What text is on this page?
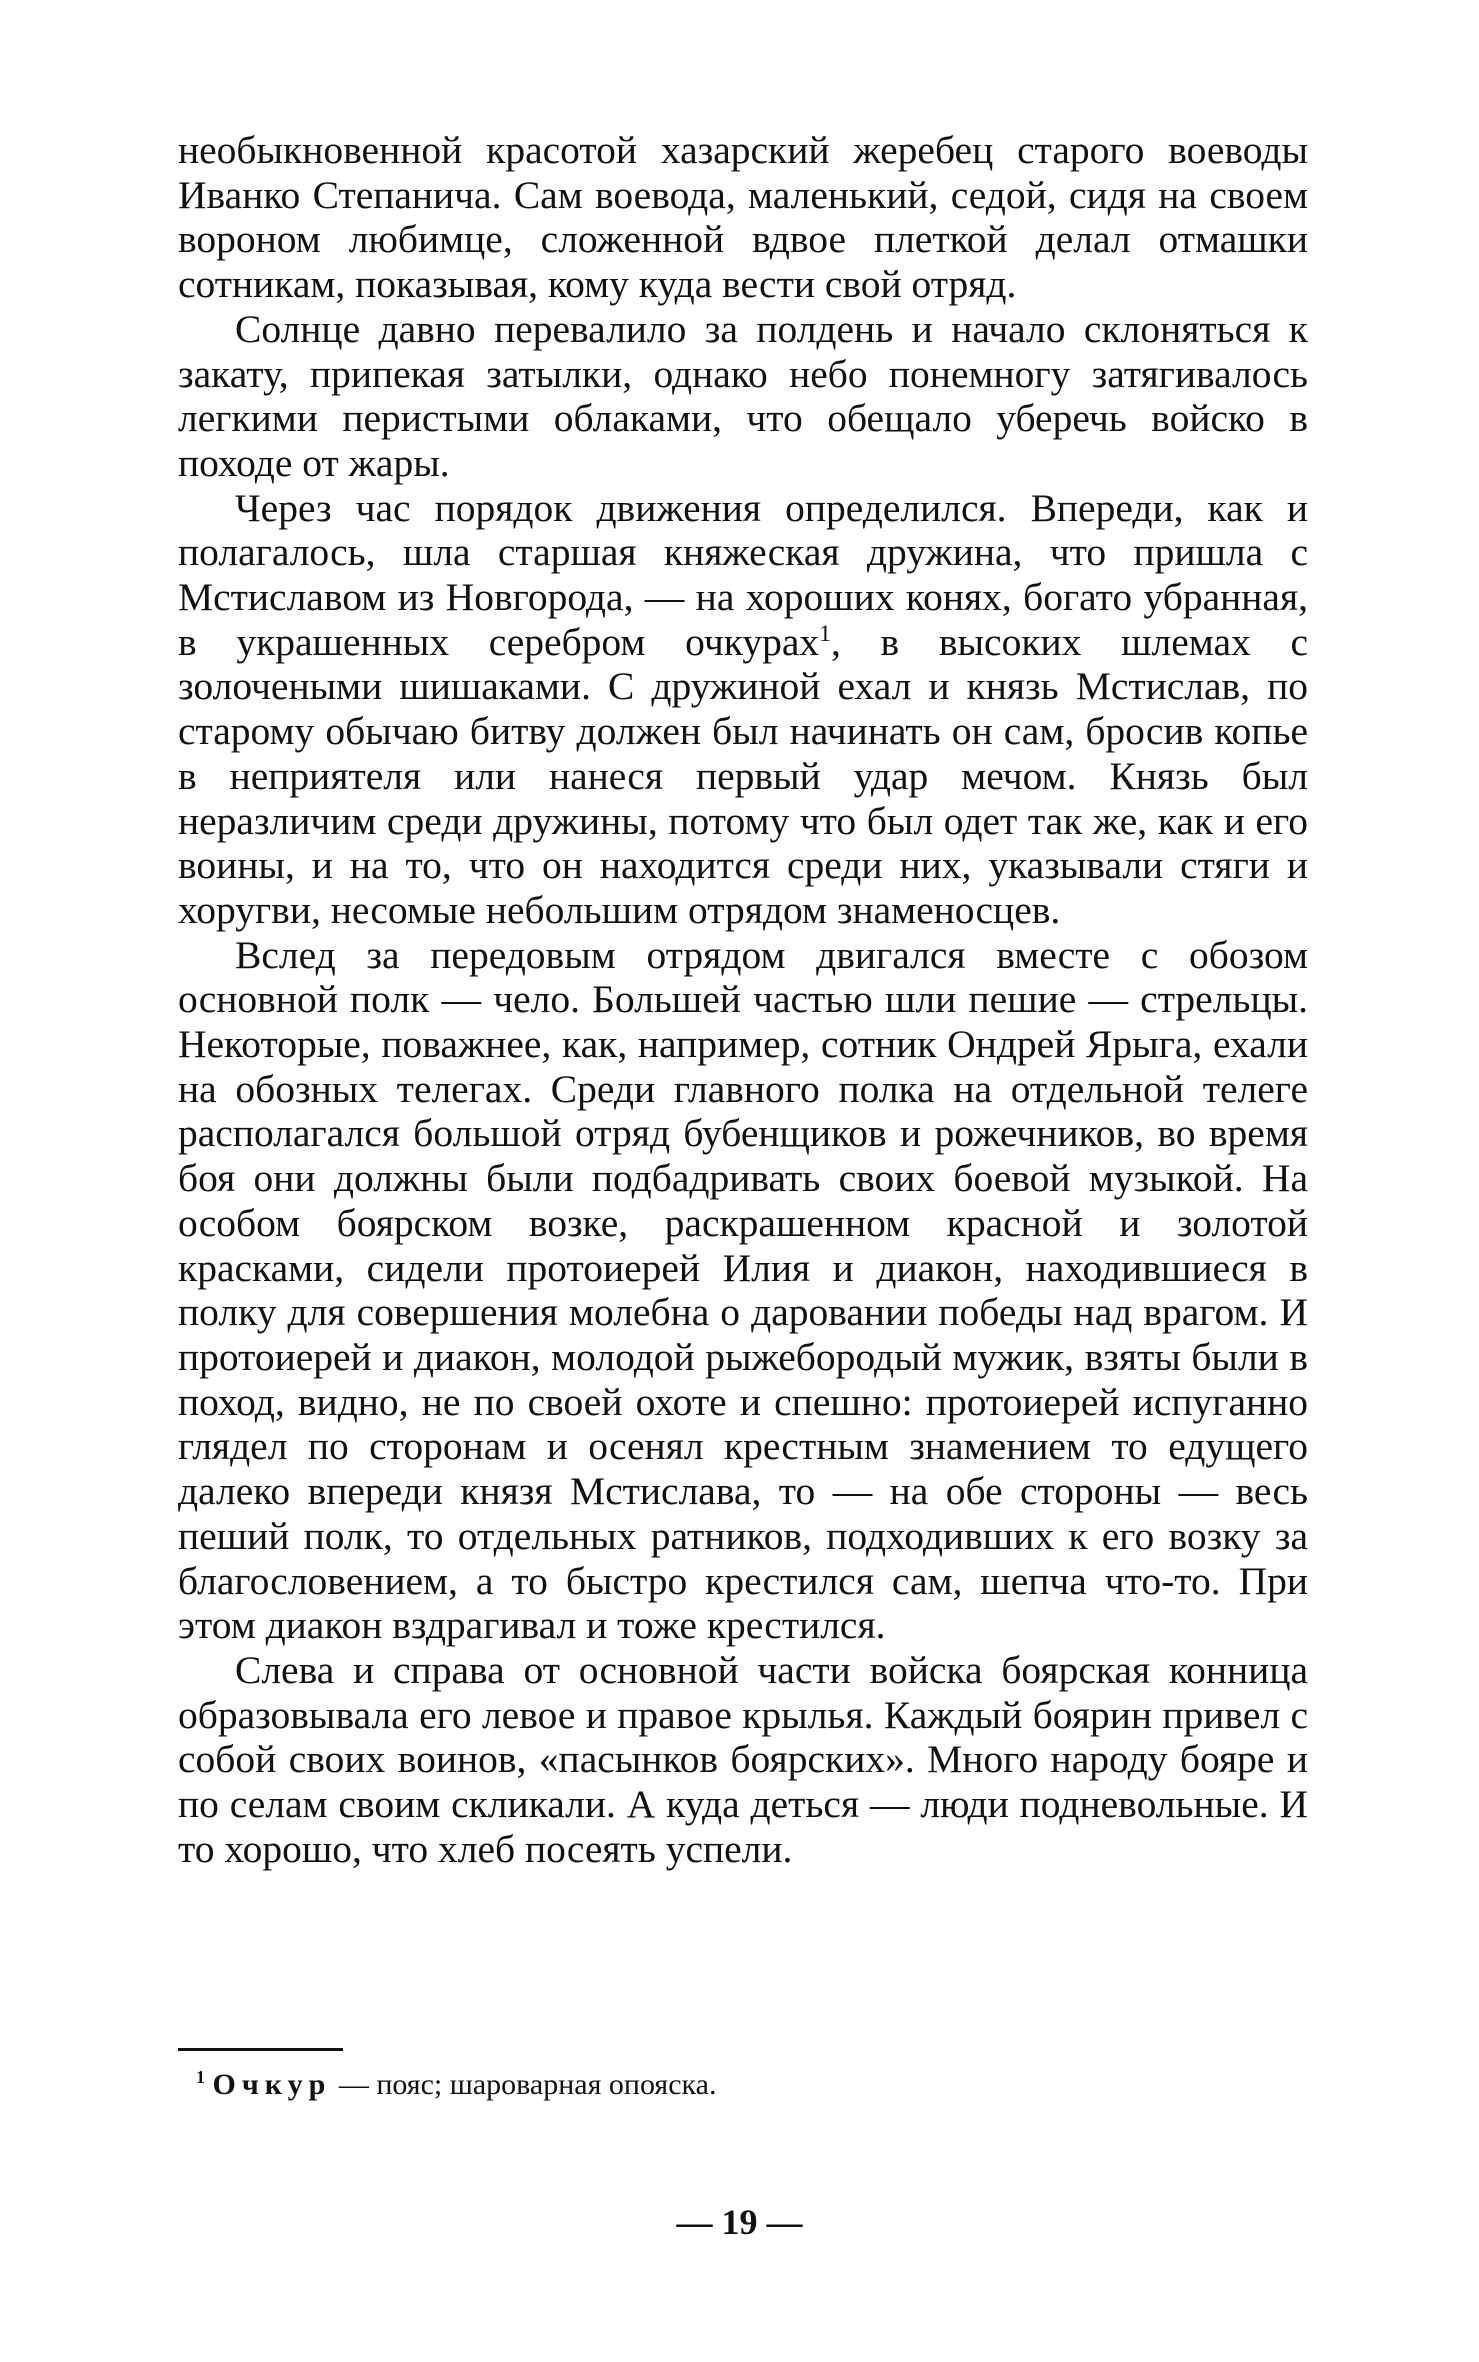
необыкновенной красотой хазарский жеребец старого воеводы Иванко Степанича. Сам воевода, маленький, седой, сидя на своем вороном любимце, сложенной вдвое плеткой делал отмашки сотникам, показывая, кому куда вести свой отряд.

Солнце давно перевалило за полдень и начало склоняться к закату, припекая затылки, однако небо понемногу затягивалось легкими перистыми облаками, что обещало уберечь войско в походе от жары.

Через час порядок движения определился. Впереди, как и полагалось, шла старшая княжеская дружина, что пришла с Мстиславом из Новгорода, — на хороших конях, богато убранная, в украшенных серебром очкурах$^1$, в высоких шлемах с золочеными шишаками. С дружиной ехал и князь Мстислав, по старому обычаю битву должен был начинать он сам, бросив копье в неприятеля или нанеся первый удар мечом. Князь был неразличим среди дружины, потому что был одет так же, как и его воины, и на то, что он находится среди них, указывали стяги и хоругви, несомые небольшим отрядом знаменосцев.

Вслед за передовым отрядом двигался вместе с обозом основной полк — чело. Большей частью шли пешие — стрельцы. Некоторые, поважнее, как, например, сотник Ондрей Ярыга, ехали на обозных телегах. Среди главного полка на отдельной телеге располагался большой отряд бубенщиков и рожечников, во время боя они должны были подбадривать своих боевой музыкой. На особом боярском возке, раскрашенном красной и золотой красками, сидели протоиерей Илия и диакон, находившиеся в полку для совершения молебна о даровании победы над врагом. И протоиерей и диакон, молодой рыжебородый мужик, взяты были в поход, видно, не по своей охоте и спешно: протоиерей испуганно глядел по сторонам и осенял крестным знамением то едущего далеко впереди князя Мстислава, то — на обе стороны — весь пеший полк, то отдельных ратников, подходивших к его возку за благословением, а то быстро крестился сам, шепча что-то. При этом диакон вздрагивал и тоже крестился.

Слева и справа от основной части войска боярская конница образовывала его левое и правое крылья. Каждый боярин привел с собой своих воинов, «пасынков боярских». Много народу бояре и по селам своим скликали. А куда деться — люди подневольные. И то хорошо, что хлеб посеять успели.

$^1$ Очкур — пояс; шароварная опояска.

— 19 —
